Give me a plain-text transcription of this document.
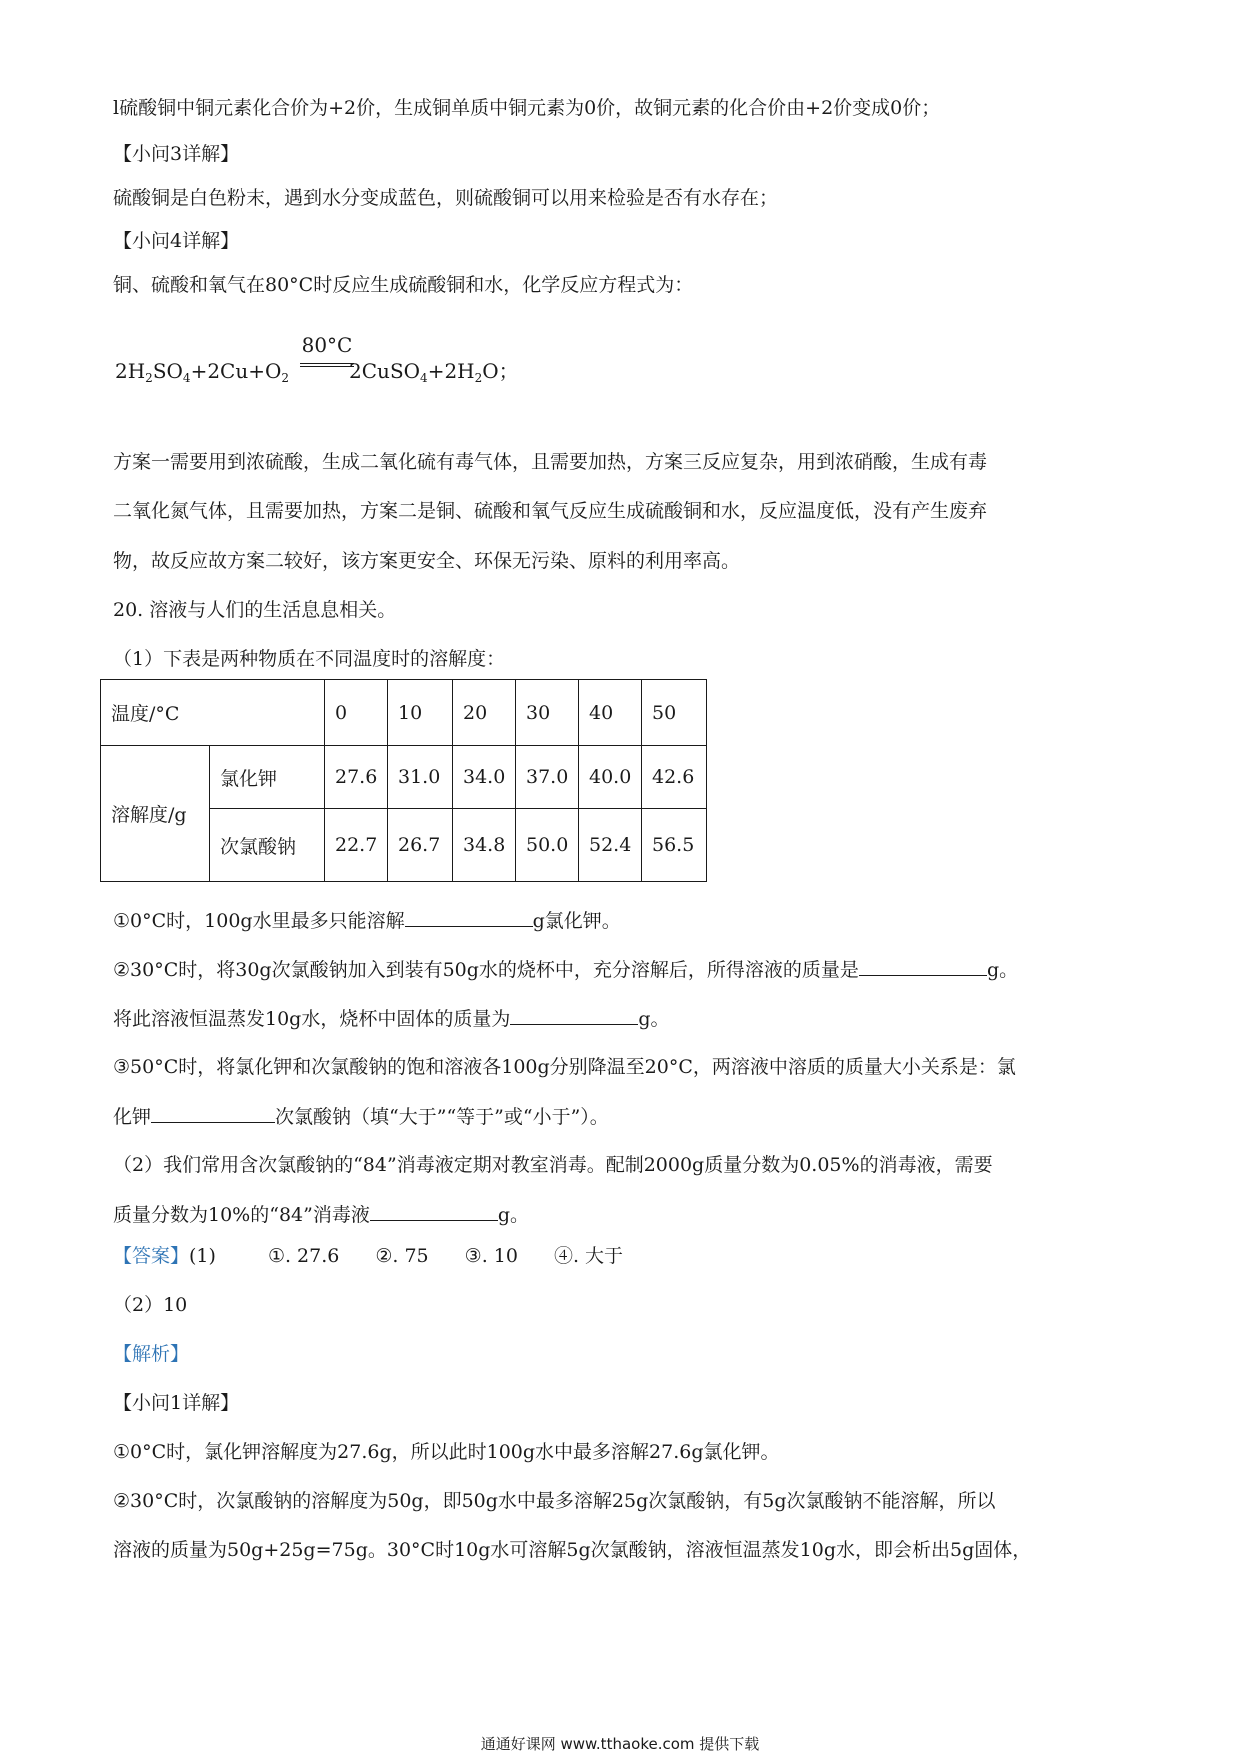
l硫酸铜中铜元素化合价为+2价，生成铜单质中铜元素为0价，故铜元素的化合价由+2价变成0价；
【小问3详解】
硫酸铜是白色粉末，遇到水分变成蓝色，则硫酸铜可以用来检验是否有水存在；
【小问4详解】
铜、硫酸和氧气在80°C时反应生成硫酸铜和水，化学反应方程式为：
$2H_2SO_4+2Cu+O_2$	$2CuSO_4+2H_2O$；
80°C
方案一需要用到浓硫酸，生成二氧化硫有毒气体，且需要加热，方案三反应复杂，用到浓硝酸，生成有毒
二氧化氮气体，且需要加热，方案二是铜、硫酸和氧气反应生成硫酸铜和水，反应温度低，没有产生废弃
物，故反应故方案二较好，该方案更安全、环保无污染、原料的利用率高。
20. 溶液与人们的生活息息相关。
（1）下表是两种物质在不同温度时的溶解度：
温度/°C		0	10	20	30	40	50
溶解度/g	氯化钾	27.6	31.0	34.0	37.0	40.0	42.6
	次氯酸钠	22.7	26.7	34.8	50.0	52.4	56.5
①0°C时，100g水里最多只能溶解	g氯化钾。
②30°C时，将30g次氯酸钠加入到装有50g水的烧杯中，充分溶解后，所得溶液的质量是	g。
将此溶液恒温蒸发10g水，烧杯中固体的质量为	g。
③50°C时，将氯化钾和次氯酸钠的饱和溶液各100g分别降温至20°C，两溶液中溶质的质量大小关系是：氯
化钾	次氯酸钠（填“大于”“等于”或“小于”）。
（2）我们常用含次氯酸钠的“84”消毒液定期对教室消毒。配制2000g质量分数为0.05%的消毒液，需要
质量分数为10%的“84”消毒液	g。
【答案】(1)	①. 27.6 ②. 75 ③. 10 ④. 大于
（2）10
【解析】
【小问1详解】
①0°C时，氯化钾溶解度为27.6g，所以此时100g水中最多溶解27.6g氯化钾。
②30°C时，次氯酸钠的溶解度为50g，即50g水中最多溶解25g次氯酸钠，有5g次氯酸钠不能溶解，所以
溶液的质量为50g+25g=75g。30°C时10g水可溶解5g次氯酸钠，溶液恒温蒸发10g水，即会析出5g固体，
通通好课网 www.tthaoke.com 提供下载
